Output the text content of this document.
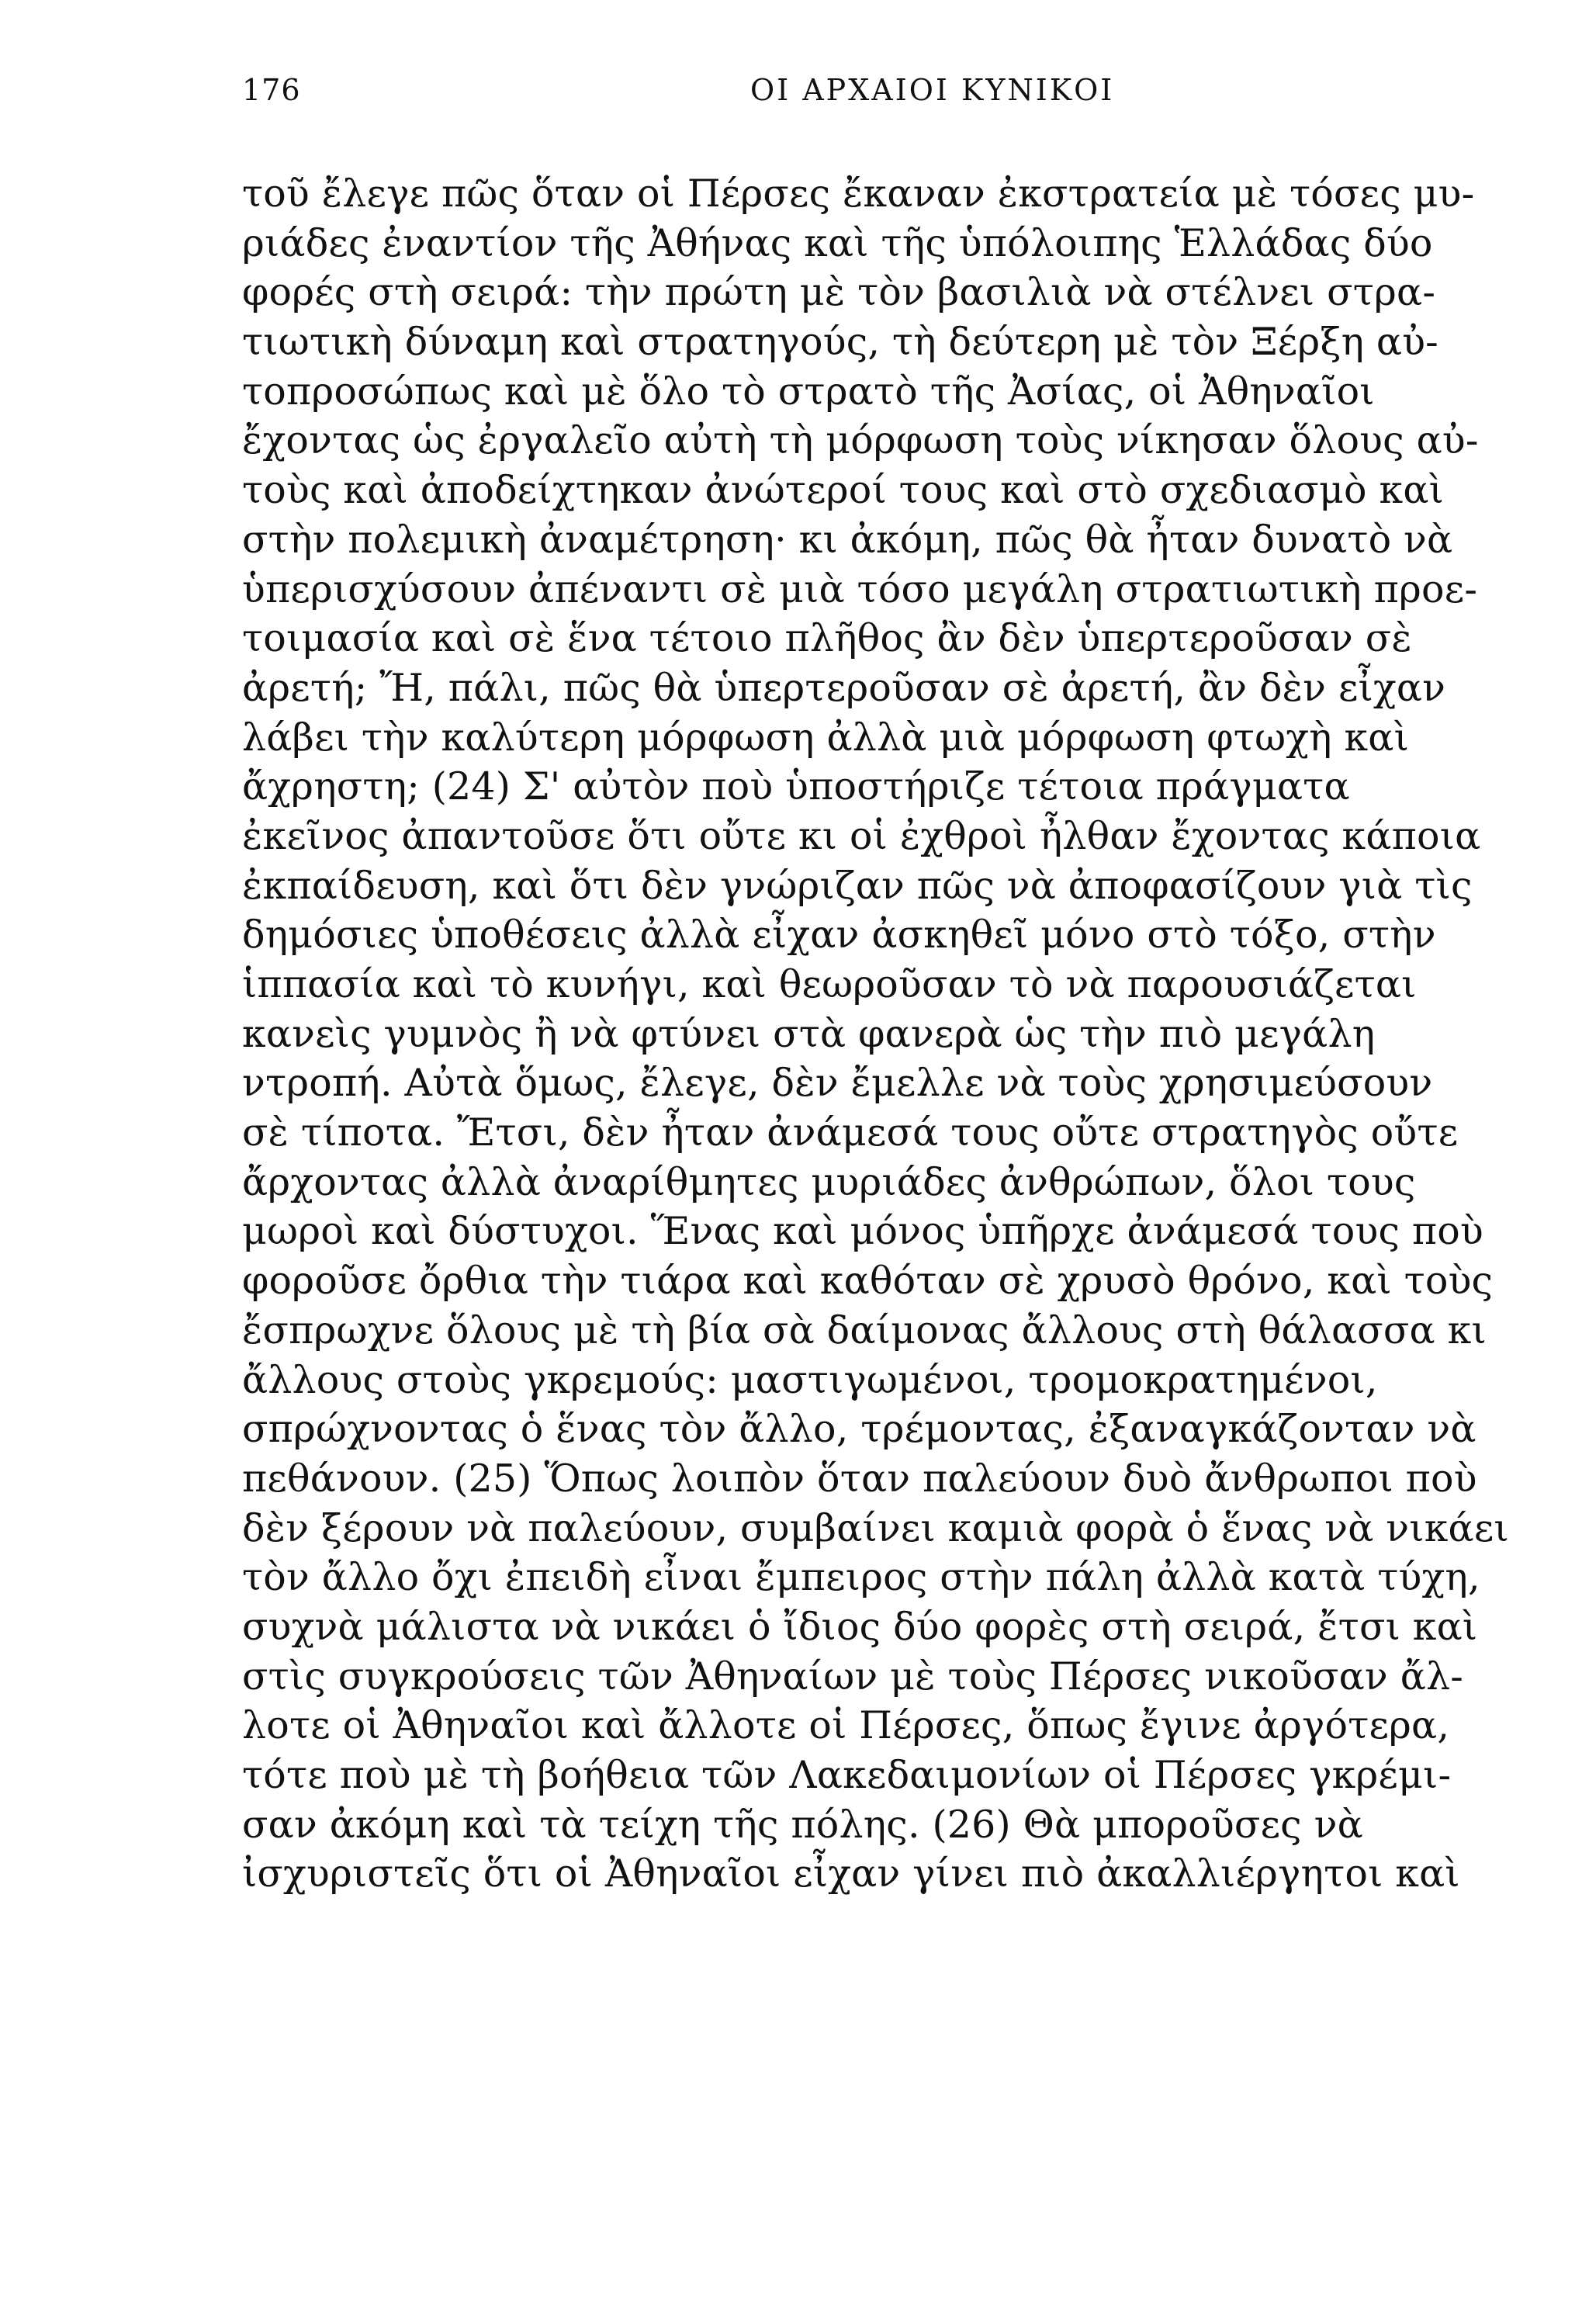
176	ΟΙ ΑΡΧΑΙΟΙ ΚΥΝΙΚΟΙ
τοῦ ἔλεγε πῶς ὅταν οἱ Πέρσες ἔκαναν ἐκστρατεία μὲ τόσες μυ-
ριάδες ἐναντίον τῆς Ἀθήνας καὶ τῆς ὑπόλοιπης Ἑλλάδας δύο
φορές στὴ σειρά: τὴν πρώτη μὲ τὸν βασιλιὰ νὰ στέλνει στρα-
τιωτικὴ δύναμη καὶ στρατηγούς, τὴ δεύτερη μὲ τὸν Ξέρξη αὐ-
τοπροσώπως καὶ μὲ ὅλο τὸ στρατὸ τῆς Ἀσίας, οἱ Ἀθηναῖοι
ἔχοντας ὡς ἐργαλεῖο αὐτὴ τὴ μόρφωση τοὺς νίκησαν ὅλους αὐ-
τοὺς καὶ ἀποδείχτηκαν ἀνώτεροί τους καὶ στὸ σχεδιασμὸ καὶ
στὴν πολεμικὴ ἀναμέτρηση· κι ἀκόμη, πῶς θὰ ἦταν δυνατὸ νὰ
ὑπερισχύσουν ἀπέναντι σὲ μιὰ τόσο μεγάλη στρατιωτικὴ προε-
τοιμασία καὶ σὲ ἕνα τέτοιο πλῆθος ἂν δὲν ὑπερτεροῦσαν σὲ
ἀρετή; Ἤ, πάλι, πῶς θὰ ὑπερτεροῦσαν σὲ ἀρετή, ἂν δὲν εἶχαν
λάβει τὴν καλύτερη μόρφωση ἀλλὰ μιὰ μόρφωση φτωχὴ καὶ
ἄχρηστη; (24) Σ' αὐτὸν ποὺ ὑποστήριζε τέτοια πράγματα
ἐκεῖνος ἀπαντοῦσε ὅτι οὔτε κι οἱ ἐχθροὶ ἦλθαν ἔχοντας κάποια
ἐκπαίδευση, καὶ ὅτι δὲν γνώριζαν πῶς νὰ ἀποφασίζουν γιὰ τὶς
δημόσιες ὑποθέσεις ἀλλὰ εἶχαν ἀσκηθεῖ μόνο στὸ τόξο, στὴν
ἱππασία καὶ τὸ κυνήγι, καὶ θεωροῦσαν τὸ νὰ παρουσιάζεται
κανεὶς γυμνὸς ἢ νὰ φτύνει στὰ φανερὰ ὡς τὴν πιὸ μεγάλη
ντροπή. Αὐτὰ ὅμως, ἔλεγε, δὲν ἔμελλε νὰ τοὺς χρησιμεύσουν
σὲ τίποτα. Ἔτσι, δὲν ἦταν ἀνάμεσά τους οὔτε στρατηγὸς οὔτε
ἄρχοντας ἀλλὰ ἀναρίθμητες μυριάδες ἀνθρώπων, ὅλοι τους
μωροὶ καὶ δύστυχοι. Ἕνας καὶ μόνος ὑπῆρχε ἀνάμεσά τους ποὺ
φοροῦσε ὄρθια τὴν τιάρα καὶ καθόταν σὲ χρυσὸ θρόνο, καὶ τοὺς
ἔσπρωχνε ὅλους μὲ τὴ βία σὰ δαίμονας ἄλλους στὴ θάλασσα κι
ἄλλους στοὺς γκρεμούς: μαστιγωμένοι, τρομοκρατημένοι,
σπρώχνοντας ὁ ἕνας τὸν ἄλλο, τρέμοντας, ἐξαναγκάζονταν νὰ
πεθάνουν. (25) Ὅπως λοιπὸν ὅταν παλεύουν δυὸ ἄνθρωποι ποὺ
δὲν ξέρουν νὰ παλεύουν, συμβαίνει καμιὰ φορὰ ὁ ἕνας νὰ νικάει
τὸν ἄλλο ὄχι ἐπειδὴ εἶναι ἔμπειρος στὴν πάλη ἀλλὰ κατὰ τύχη,
συχνὰ μάλιστα νὰ νικάει ὁ ἴδιος δύο φορὲς στὴ σειρά, ἔτσι καὶ
στὶς συγκρούσεις τῶν Ἀθηναίων μὲ τοὺς Πέρσες νικοῦσαν ἄλ-
λοτε οἱ Ἀθηναῖοι καὶ ἄλλοτε οἱ Πέρσες, ὅπως ἔγινε ἀργότερα,
τότε ποὺ μὲ τὴ βοήθεια τῶν Λακεδαιμονίων οἱ Πέρσες γκρέμι-
σαν ἀκόμη καὶ τὰ τείχη τῆς πόλης. (26) Θὰ μποροῦσες νὰ
ἰσχυριστεῖς ὅτι οἱ Ἀθηναῖοι εἶχαν γίνει πιὸ ἀκαλλιέργητοι καὶ
